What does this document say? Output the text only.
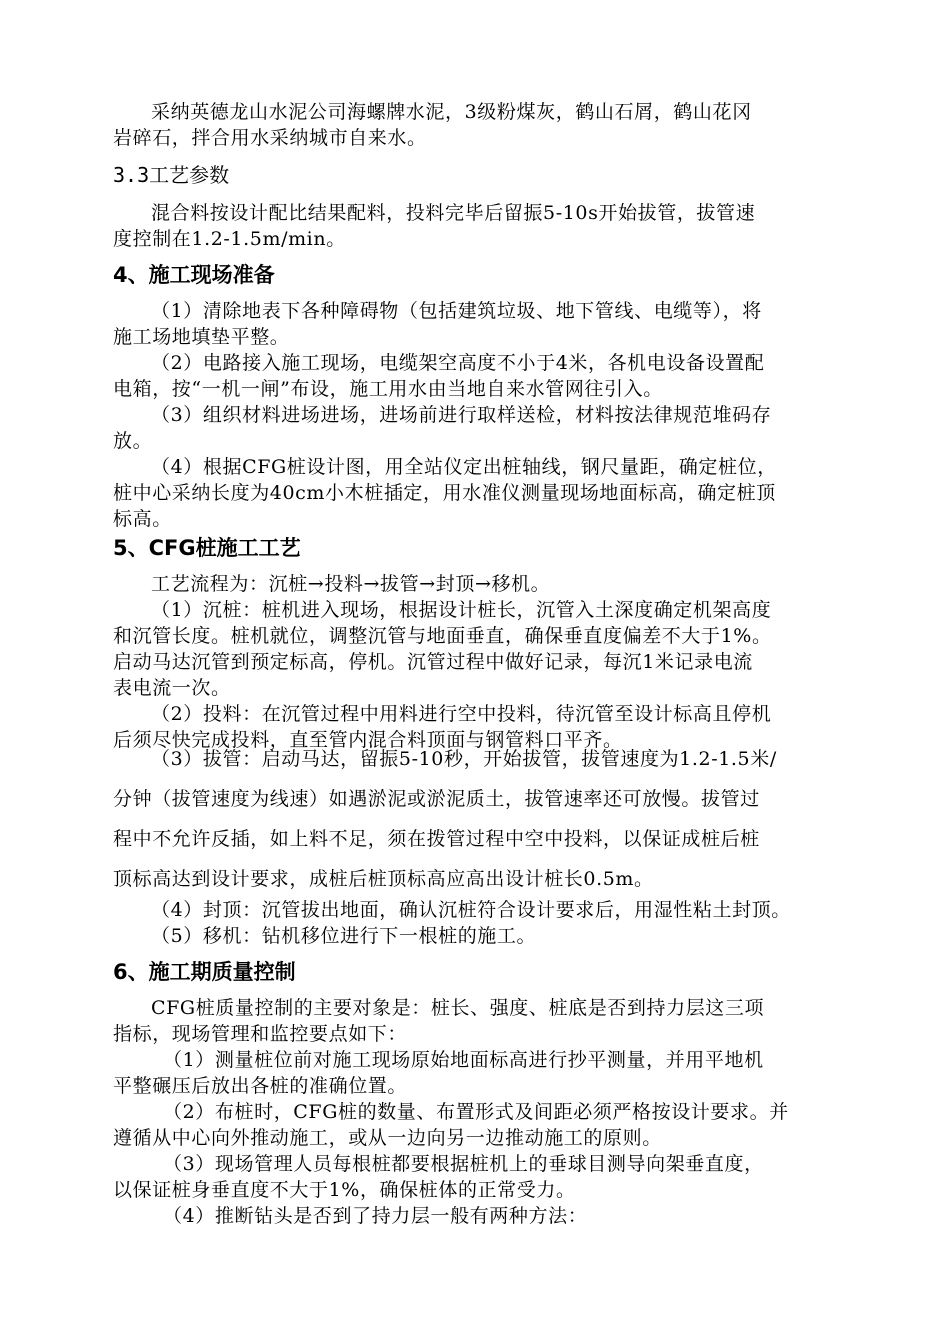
采纳英德龙山水泥公司海螺牌水泥，3级粉煤灰，鹤山石屑，鹤山花冈
岩碎石，拌合用水采纳城市自来水。
3.3工艺参数
混合料按设计配比结果配料，投料完毕后留振5-10s开始拔管，拔管速
度控制在1.2-1.5m/min。
4、施工现场准备
（1）清除地表下各种障碍物（包括建筑垃圾、地下管线、电缆等），将
施工场地填垫平整。
（2）电路接入施工现场，电缆架空高度不小于4米，各机电设备设置配
电箱，按“一机一闸”布设，施工用水由当地自来水管网往引入。
（3）组织材料进场进场，进场前进行取样送检，材料按法律规范堆码存
放。
（4）根据CFG桩设计图，用全站仪定出桩轴线，钢尺量距，确定桩位，
桩中心采纳长度为40cm小木桩插定，用水准仪测量现场地面标高，确定桩顶
标高。
5、CFG桩施工工艺
工艺流程为：沉桩→投料→拔管→封顶→移机。
（1）沉桩：桩机进入现场，根据设计桩长，沉管入土深度确定机架高度
和沉管长度。桩机就位，调整沉管与地面垂直，确保垂直度偏差不大于1%。
启动马达沉管到预定标高，停机。沉管过程中做好记录，每沉1米记录电流
表电流一次。
（2）投料：在沉管过程中用料进行空中投料，待沉管至设计标高且停机
后须尽快完成投料，直至管内混合料顶面与钢管料口平齐。
（3）拔管：启动马达，留振5-10秒，开始拔管，拔管速度为1.2-1.5米/
分钟（拔管速度为线速）如遇淤泥或淤泥质土，拔管速率还可放慢。拔管过
程中不允许反插，如上料不足，须在拨管过程中空中投料，以保证成桩后桩
顶标高达到设计要求，成桩后桩顶标高应高出设计桩长0.5m。
（4）封顶：沉管拔出地面，确认沉桩符合设计要求后，用湿性粘土封顶。
（5）移机：钻机移位进行下一根桩的施工。
6、施工期质量控制
CFG桩质量控制的主要对象是：桩长、强度、桩底是否到持力层这三项
指标，现场管理和监控要点如下：
（1）测量桩位前对施工现场原始地面标高进行抄平测量，并用平地机
平整碾压后放出各桩的准确位置。
（2）布桩时，CFG桩的数量、布置形式及间距必须严格按设计要求。并
遵循从中心向外推动施工，或从一边向另一边推动施工的原则。
（3）现场管理人员每根桩都要根据桩机上的垂球目测导向架垂直度，
以保证桩身垂直度不大于1%，确保桩体的正常受力。
（4）推断钻头是否到了持力层一般有两种方法：
